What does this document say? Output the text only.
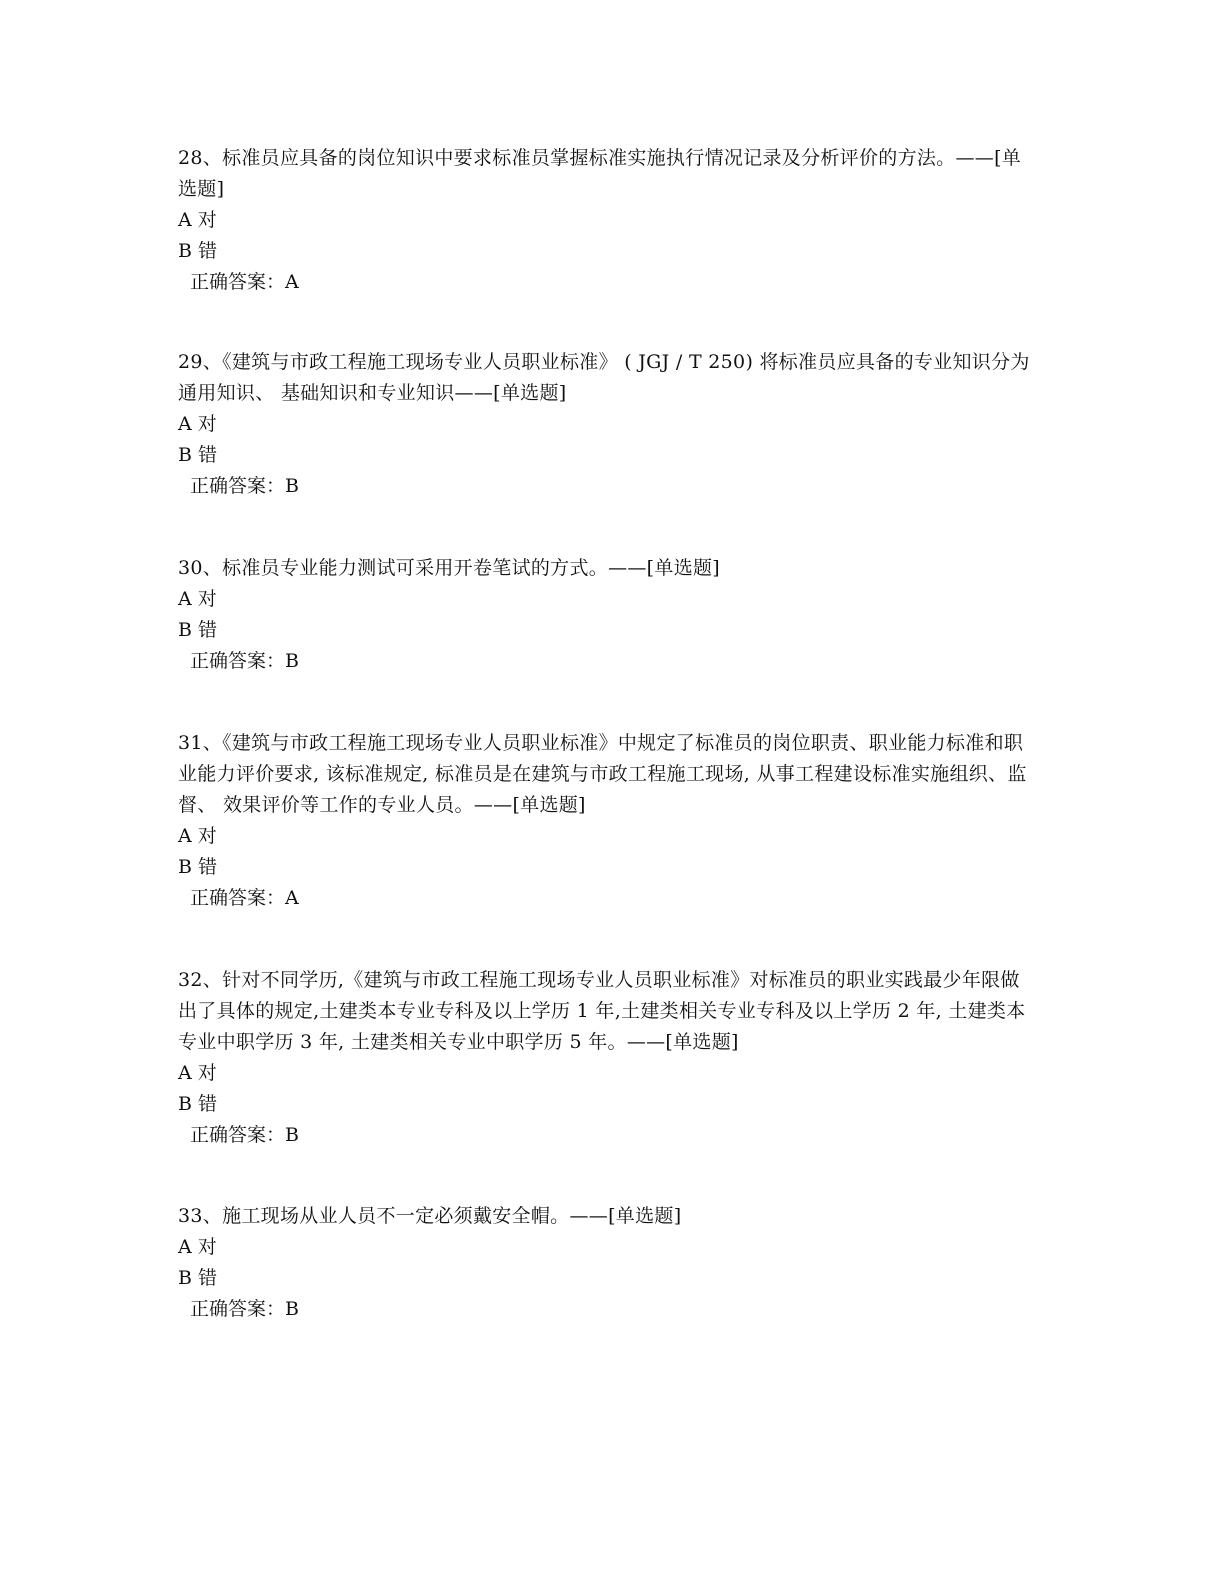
28、标准员应具备的岗位知识中要求标准员掌握标准实施执行情况记录及分析评价的方法。——[单选题]

A 对

B 错

正确答案：A

29、《建筑与市政工程施工现场专业人员职业标准》 ( JGJ / T 250) 将标准员应具备的专业知识分为通用知识、 基础知识和专业知识——[单选题]

A 对

B 错

正确答案：B

30、标准员专业能力测试可采用开卷笔试的方式。——[单选题]

A 对

B 错

正确答案：B

31、《建筑与市政工程施工现场专业人员职业标准》中规定了标准员的岗位职责、职业能力标准和职业能力评价要求, 该标准规定, 标准员是在建筑与市政工程施工现场, 从事工程建设标准实施组织、监督、 效果评价等工作的专业人员。——[单选题]

A 对

B 错

正确答案：A

32、针对不同学历,《建筑与市政工程施工现场专业人员职业标准》对标准员的职业实践最少年限做出了具体的规定,土建类本专业专科及以上学历 1 年,土建类相关专业专科及以上学历 2 年, 土建类本专业中职学历 3 年, 土建类相关专业中职学历 5 年。——[单选题]

A 对

B 错

正确答案：B

33、施工现场从业人员不一定必须戴安全帽。——[单选题]

A 对

B 错

正确答案：B
